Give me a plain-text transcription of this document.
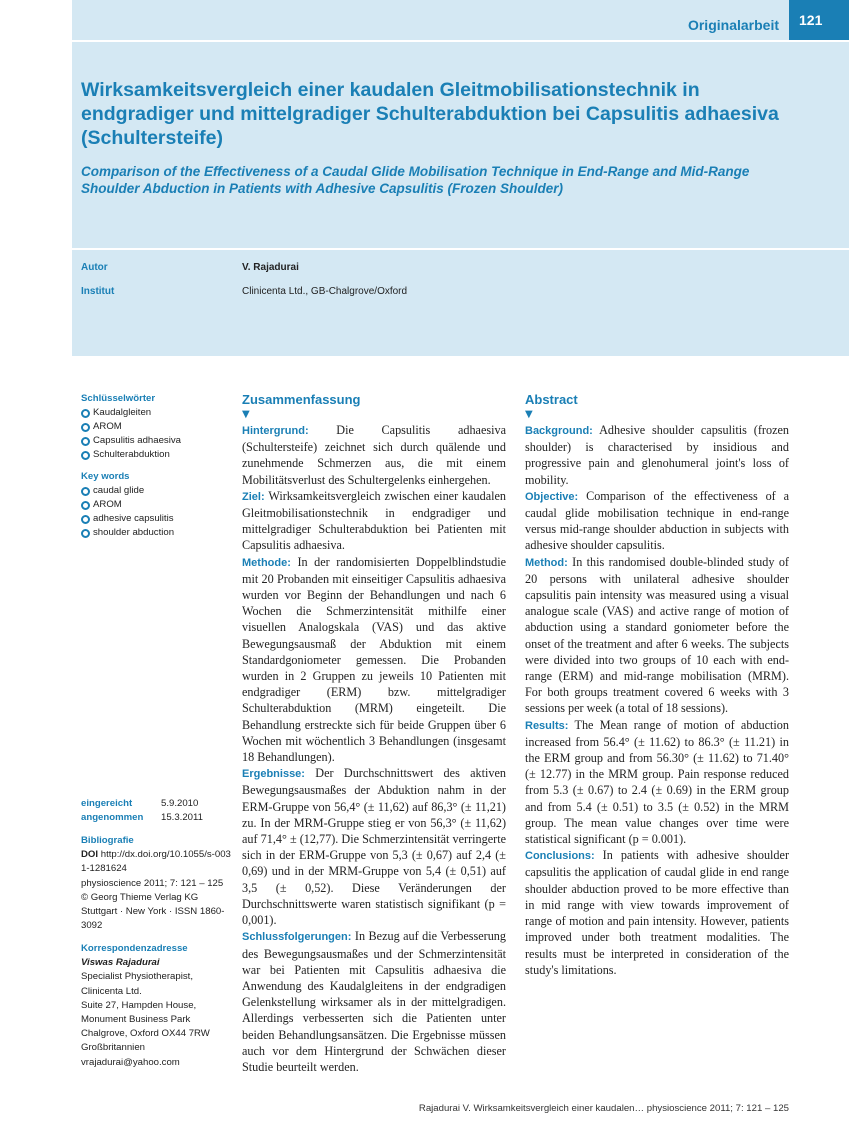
Originalarbeit	121
Wirksamkeitsvergleich einer kaudalen Gleitmobilisationstechnik in endgradiger und mittelgradiger Schulterabduktion bei Capsulitis adhaesiva (Schultersteife)
Comparison of the Effectiveness of a Caudal Glide Mobilisation Technique in End-Range and Mid-Range Shoulder Abduction in Patients with Adhesive Capsulitis (Frozen Shoulder)
Autor	V. Rajadurai
Institut	Clinicenta Ltd., GB-Chalgrove/Oxford
Schlüsselwörter
Kaudalgleiten
AROM
Capsulitis adhaesiva
Schulterabduktion
Key words
caudal glide
AROM
adhesive capsulitis
shoulder abduction
eingereicht	5.9.2010
angenommen 15.3.2011
Bibliografie
DOI http://dx.doi.org/10.1055/s-0031-1281624
physioscience 2011; 7: 121 – 125 © Georg Thieme Verlag KG Stuttgart · New York · ISSN 1860-3092
Korrespondenzadresse
Viswas Rajadurai
Specialist Physiotherapist,
Clinicenta Ltd.
Suite 27, Hampden House,
Monument Business Park
Chalgrove, Oxford OX44 7RW
Großbritannien
vrajadurai@yahoo.com
Zusammenfassung
▼

Hintergrund: Die Capsulitis adhaesiva (Schultersteife) zeichnet sich durch quälende und zunehmende Schmerzen aus, die mit einem Mobilitätsverlust des Schultergelenks einhergehen.

Ziel: Wirksamkeitsvergleich zwischen einer kaudalen Gleitmobilisationstechnik in endgradiger und mittelgradiger Schulterabduktion bei Patienten mit Capsulitis adhaesiva.

Methode: In der randomisierten Doppelblindstudie mit 20 Probanden mit einseitiger Capsulitis adhaesiva wurden vor Beginn der Behandlungen und nach 6 Wochen die Schmerzintensität mithilfe einer visuellen Analogskala (VAS) und das aktive Bewegungsausmaß der Abduktion mit einem Standardgoniometer gemessen. Die Probanden wurden in 2 Gruppen zu jeweils 10 Patienten mit endgradiger (ERM) bzw. mittelgradiger Schulterabduktion (MRM) eingeteilt. Die Behandlung erstreckte sich für beide Gruppen über 6 Wochen mit wöchentlich 3 Behandlungen (insgesamt 18 Behandlungen).

Ergebnisse: Der Durchschnittswert des aktiven Bewegungsausmaßes der Abduktion nahm in der ERM-Gruppe von 56,4° (± 11,62) auf 86,3° (± 11,21) zu. In der MRM-Gruppe stieg er von 56,3° (± 11,62) auf 71,4° ± (12,77). Die Schmerzintensität verringerte sich in der ERM-Gruppe von 5,3 (± 0,67) auf 2,4 (± 0,69) und in der MRM-Gruppe von 5,4 (± 0,51) auf 3,5 (± 0,52). Diese Veränderungen der Durchschnittswerte waren statistisch signifikant (p = 0,001).

Schlussfolgerungen: In Bezug auf die Verbesserung des Bewegungsausmaßes und der Schmerzintensität war bei Patienten mit Capsulitis adhaesiva die Anwendung des Kaudalgleitens in der endgradigen Gelenkstellung wirksamer als in der mittelgradigen. Allerdings verbesserten sich die Patienten unter beiden Behandlungsansätzen. Die Ergebnisse müssen auch vor dem Hintergrund der Schwächen dieser Studie beurteilt werden.

Abstract
▼

Background: Adhesive shoulder capsulitis (frozen shoulder) is characterised by insidious and progressive pain and glenohumeral joint's loss of mobility.

Objective: Comparison of the effectiveness of a caudal glide mobilisation technique in end-range versus mid-range shoulder abduction in subjects with adhesive shoulder capsulitis.

Method: In this randomised double-blinded study of 20 persons with unilateral adhesive shoulder capsulitis pain intensity was measured using a visual analogue scale (VAS) and active range of motion of abduction using a standard goniometer before the onset of the treatment and after 6 weeks. The subjects were divided into two groups of 10 each with end-range (ERM) and mid-range mobilisation (MRM). For both groups treatment covered 6 weeks with 3 sessions per week (a total of 18 sessions).

Results: The Mean range of motion of abduction increased from 56.4° (± 11.62) to 86.3° (± 11.21) in the ERM group and from 56.30° (± 11.62) to 71.40° (± 12.77) in the MRM group. Pain response reduced from 5.3 (± 0.67) to 2.4 (± 0.69) in the ERM group and from 5.4 (± 0.51) to 3.5 (± 0.52) in the MRM group. The mean value changes over time were statistical significant (p = 0.001).

Conclusions: In patients with adhesive shoulder capsulitis the application of caudal glide in end range shoulder abduction proved to be more effective than in mid range with view towards improvement of range of motion and pain intensity. However, patients improved under both treatment modalities. The results must be interpreted in consideration of the study's limitations.

Rajadurai V. Wirksamkeitsvergleich einer kaudalen… physioscience 2011; 7: 121 – 125
